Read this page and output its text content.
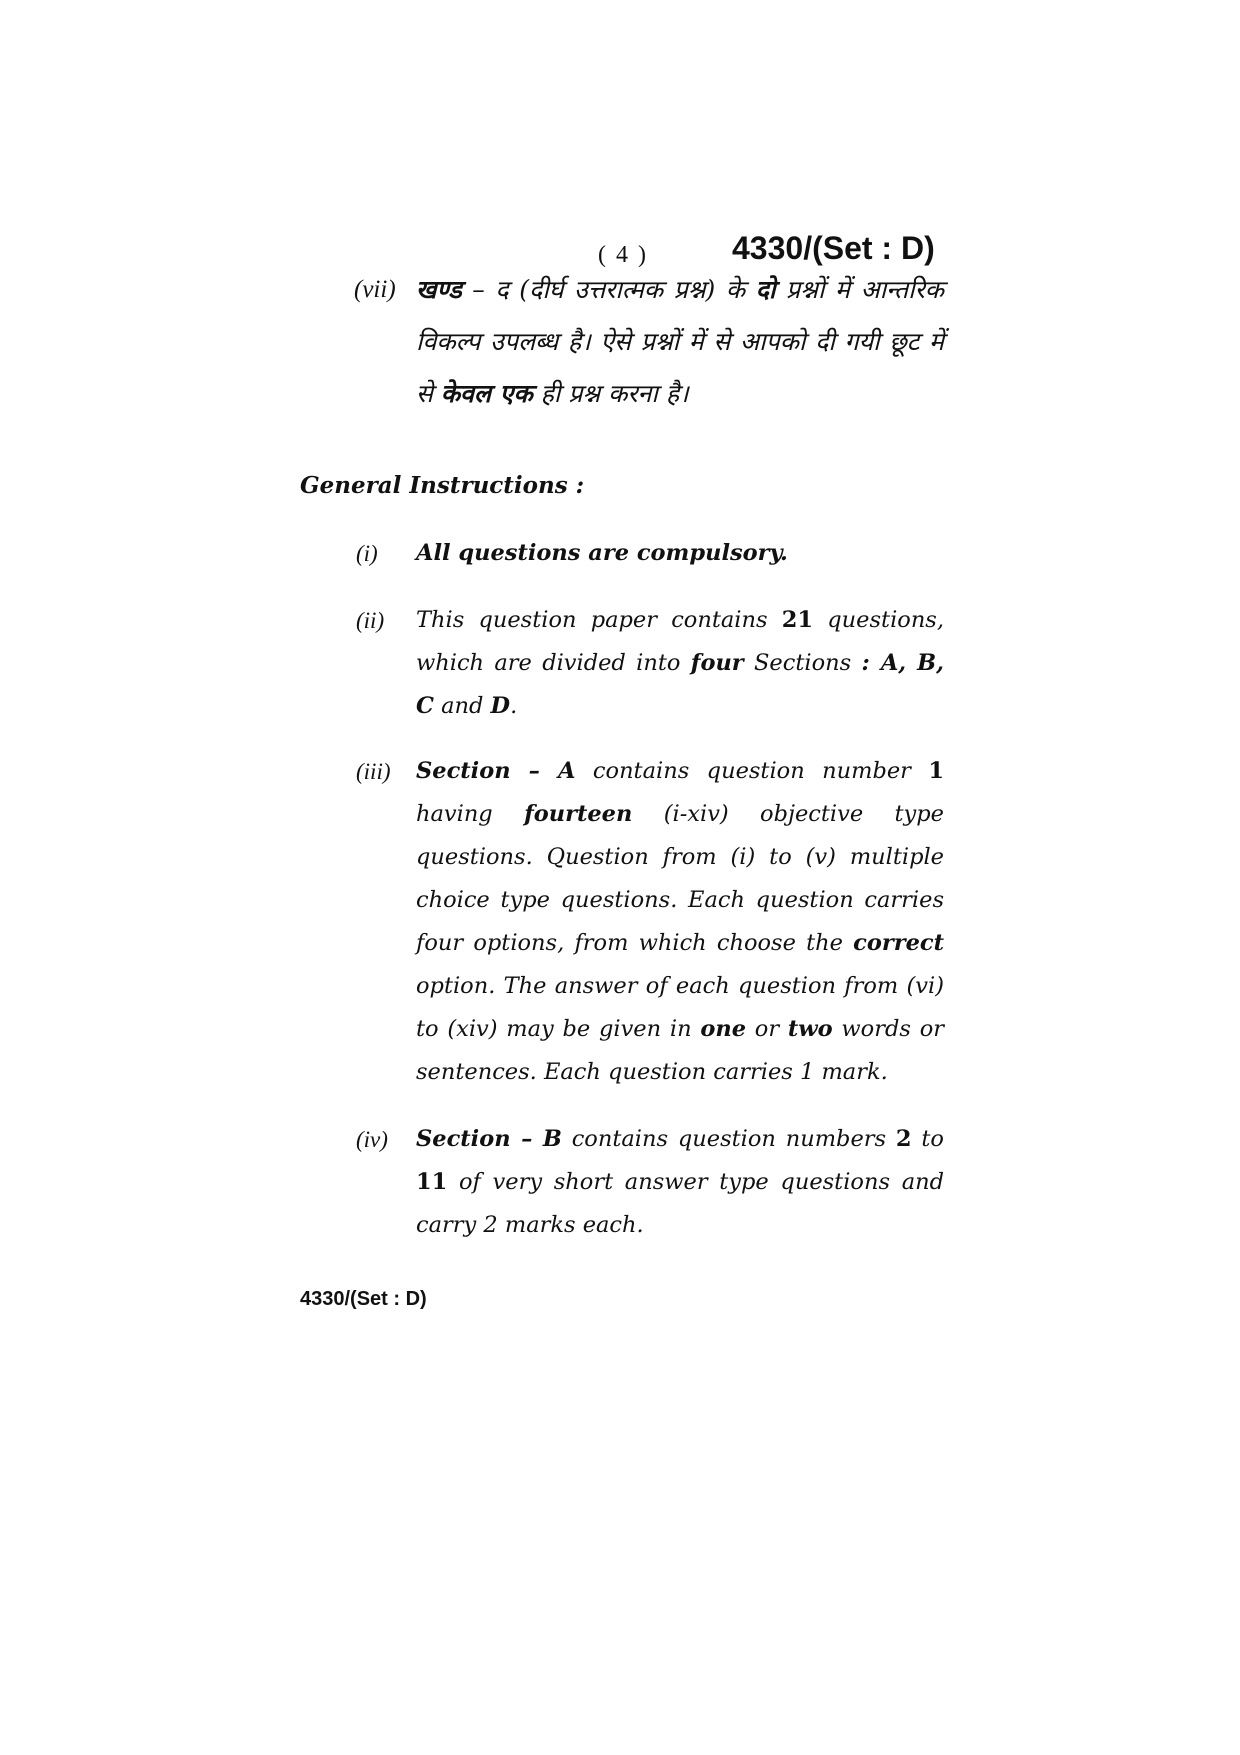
( 4 )	4330/(Set : D)
(vii) खण्ड – द (दीर्घ उत्तरात्मक प्रश्न) के दो प्रश्नों में आन्तरिक विकल्प उपलब्ध है। ऐसे प्रश्नों में से आपको दी गयी छूट में से केवल एक ही प्रश्न करना है।
General Instructions :
(i) All questions are compulsory.
(ii) This question paper contains 21 questions, which are divided into four Sections : A, B, C and D.
(iii) Section – A contains question number 1 having fourteen (i-xiv) objective type questions. Question from (i) to (v) multiple choice type questions. Each question carries four options, from which choose the correct option. The answer of each question from (vi) to (xiv) may be given in one or two words or sentences. Each question carries 1 mark.
(iv) Section – B contains question numbers 2 to 11 of very short answer type questions and carry 2 marks each.
4330/(Set : D)
